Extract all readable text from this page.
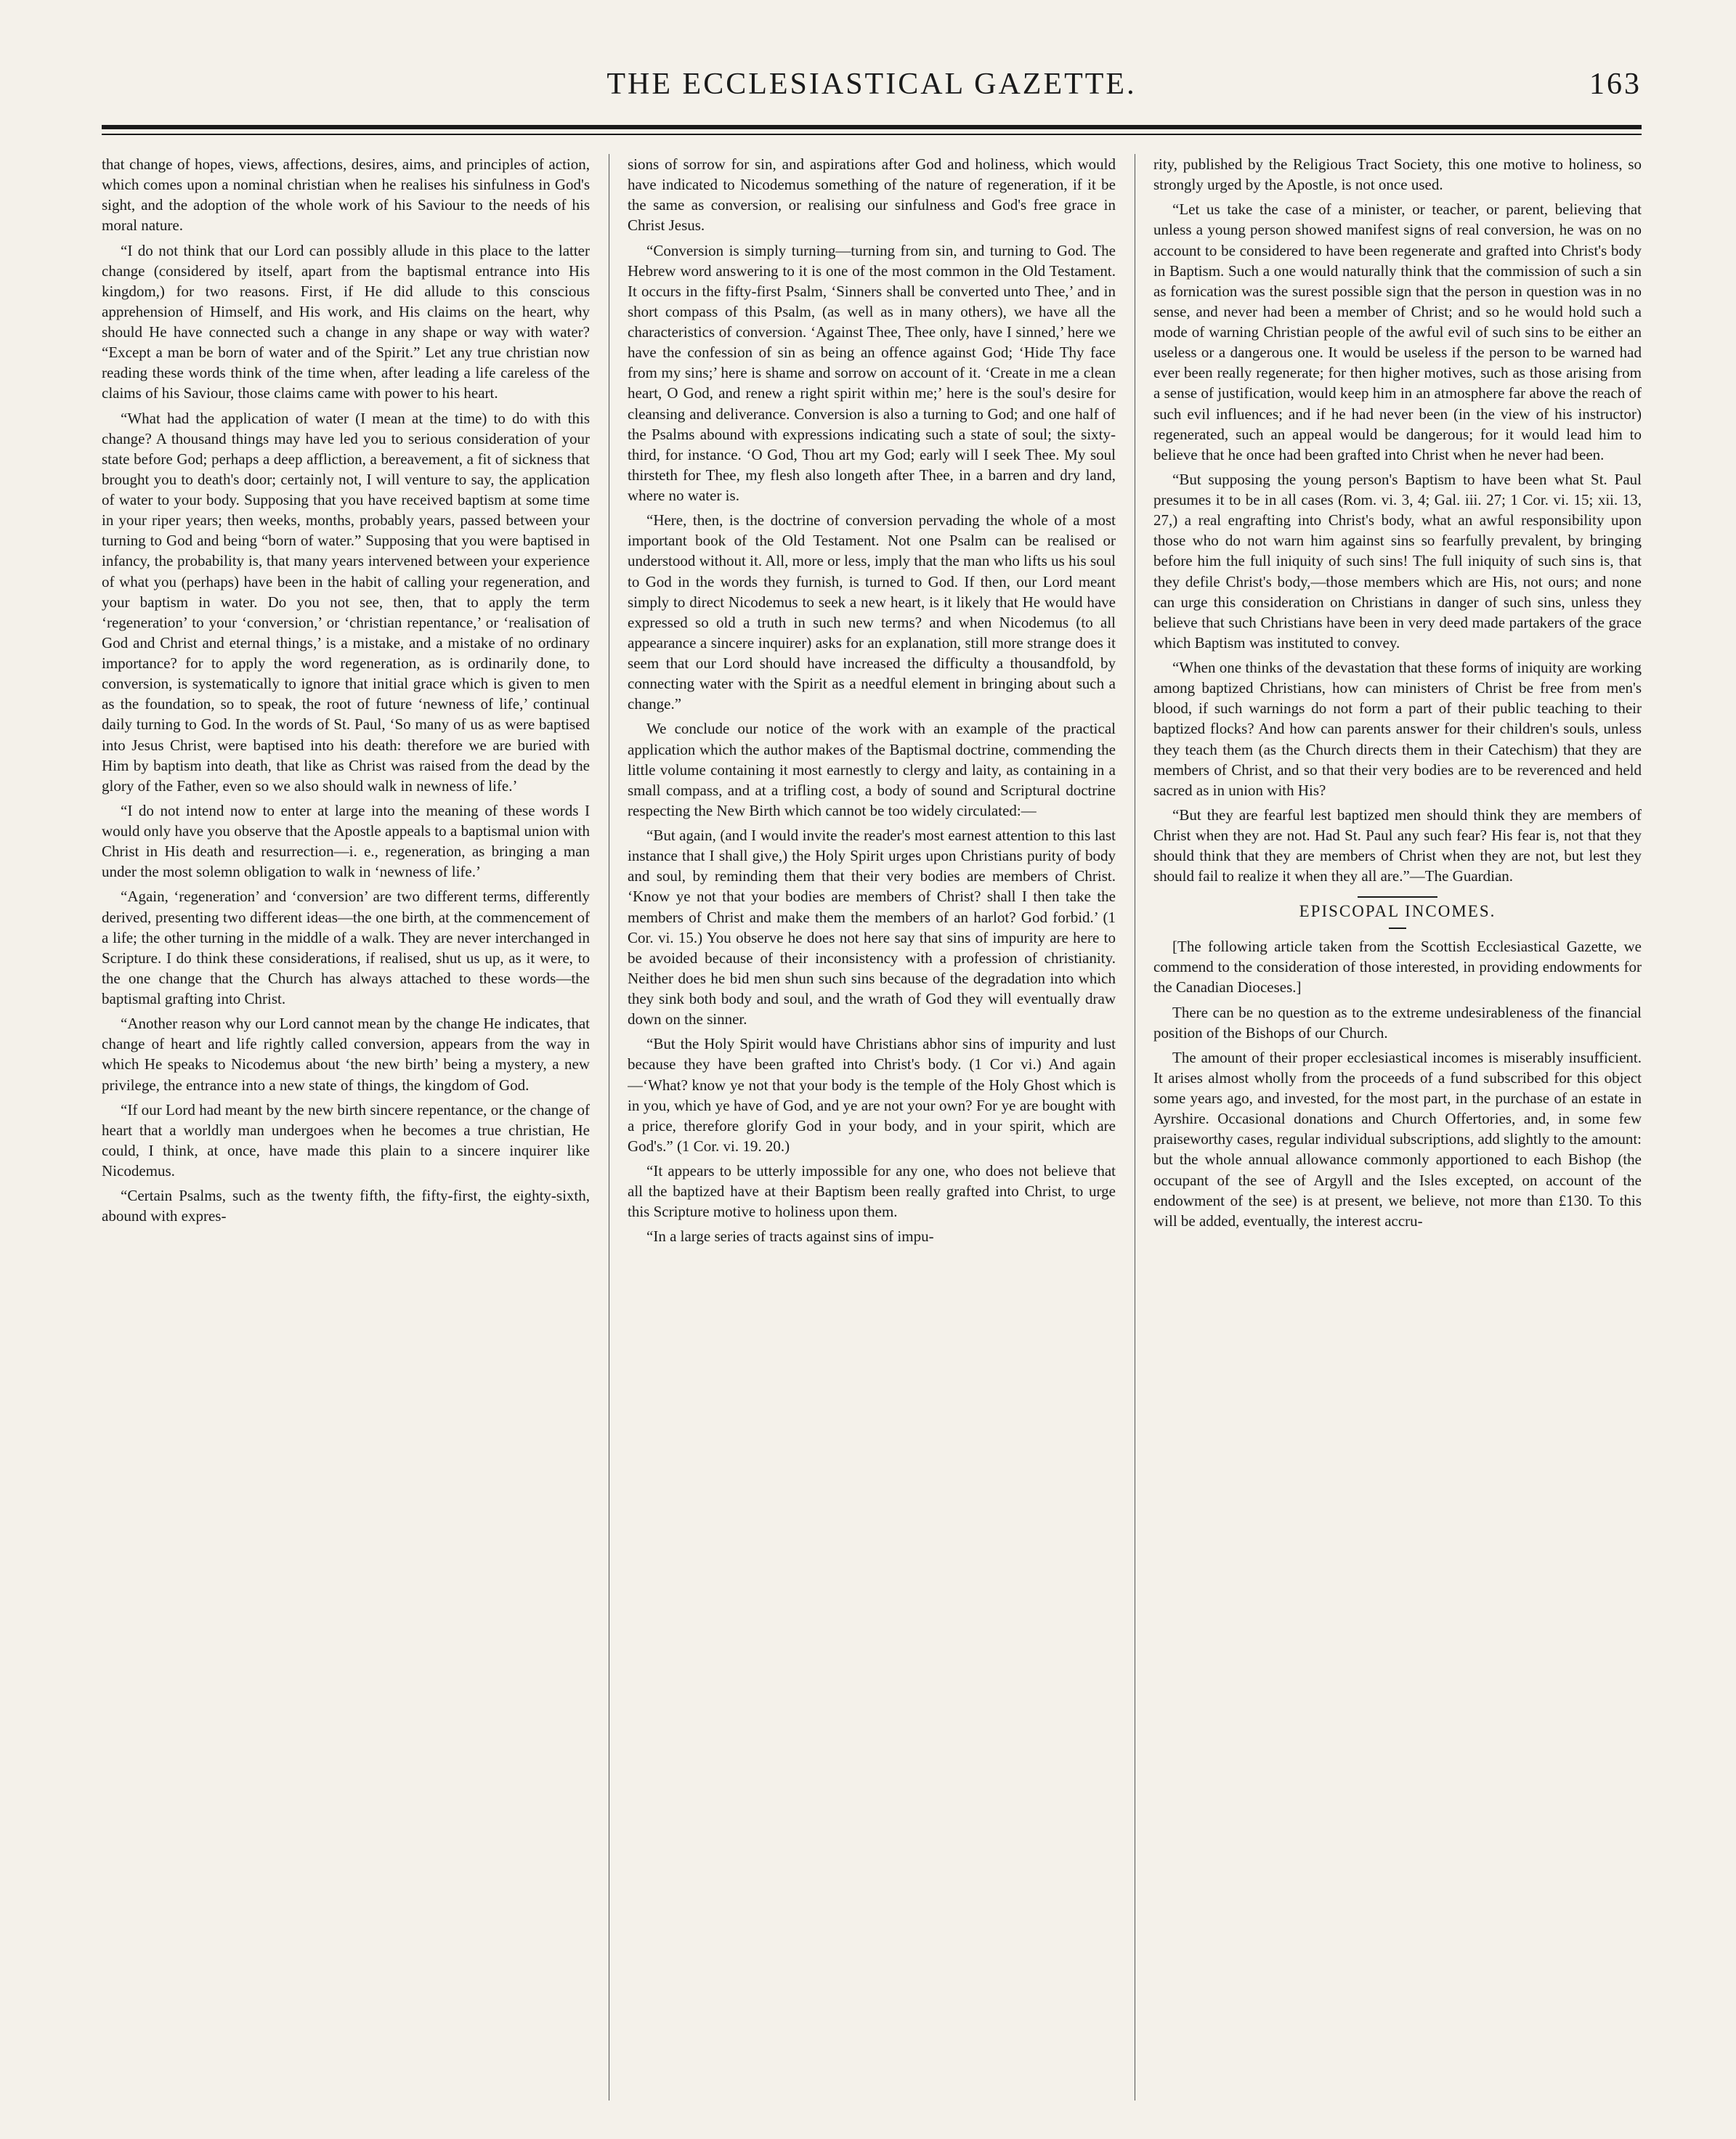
THE ECCLESIASTICAL GAZETTE.	163

that change of hopes, views, affections, desires, aims, and principles of action, which comes upon a nominal christian when he realises his sinfulness in God's sight, and the adoption of the whole work of his Saviour to the needs of his moral nature.

“I do not think that our Lord can possibly allude in this place to the latter change (considered by itself, apart from the baptismal entrance into His kingdom,) for two reasons. First, if He did allude to this conscious apprehension of Himself, and His work, and His claims on the heart, why should He have connected such a change in any shape or way with water? “Except a man be born of water and of the Spirit.” Let any true christian now reading these words think of the time when, after leading a life careless of the claims of his Saviour, those claims came with power to his heart.

“What had the application of water (I mean at the time) to do with this change? A thousand things may have led you to serious consideration of your state before God; perhaps a deep affliction, a bereavement, a fit of sickness that brought you to death's door; certainly not, I will venture to say, the application of water to your body. Supposing that you have received baptism at some time in your riper years; then weeks, months, probably years, passed between your turning to God and being “born of water.” Supposing that you were baptised in infancy, the probability is, that many years intervened between your experience of what you (perhaps) have been in the habit of calling your regeneration, and your baptism in water. Do you not see, then, that to apply the term ‘regeneration’ to your ‘conversion,’ or ‘christian repentance,’ or ‘realisation of God and Christ and eternal things,’ is a mistake, and a mistake of no ordinary importance? for to apply the word regeneration, as is ordinarily done, to conversion, is systematically to ignore that initial grace which is given to men as the foundation, so to speak, the root of future ‘newness of life,’ continual daily turning to God. In the words of St. Paul, ‘So many of us as were baptised into Jesus Christ, were baptised into his death: therefore we are buried with Him by baptism into death, that like as Christ was raised from the dead by the glory of the Father, even so we also should walk in newness of life.’

“I do not intend now to enter at large into the meaning of these words I would only have you observe that the Apostle appeals to a baptismal union with Christ in His death and resurrection—i. e., regeneration, as bringing a man under the most solemn obligation to walk in ‘newness of life.’

“Again, ‘regeneration’ and ‘conversion’ are two different terms, differently derived, presenting two different ideas—the one birth, at the commencement of a life; the other turning in the middle of a walk. They are never interchanged in Scripture. I do think these considerations, if realised, shut us up, as it were, to the one change that the Church has always attached to these words—the baptismal grafting into Christ.

“Another reason why our Lord cannot mean by the change He indicates, that change of heart and life rightly called conversion, appears from the way in which He speaks to Nicodemus about ‘the new birth’ being a mystery, a new privilege, the entrance into a new state of things, the kingdom of God.

“If our Lord had meant by the new birth sincere repentance, or the change of heart that a worldly man undergoes when he becomes a true christian, He could, I think, at once, have made this plain to a sincere inquirer like Nicodemus.

“Certain Psalms, such as the twenty fifth, the fifty-first, the eighty-sixth, abound with expres-

sions of sorrow for sin, and aspirations after God and holiness, which would have indicated to Nicodemus something of the nature of regeneration, if it be the same as conversion, or realising our sinfulness and God's free grace in Christ Jesus.

“Conversion is simply turning—turning from sin, and turning to God. The Hebrew word answering to it is one of the most common in the Old Testament. It occurs in the fifty-first Psalm, ‘Sinners shall be converted unto Thee,’ and in short compass of this Psalm, (as well as in many others), we have all the characteristics of conversion. ‘Against Thee, Thee only, have I sinned,’ here we have the confession of sin as being an offence against God; ‘Hide Thy face from my sins;’ here is shame and sorrow on account of it. ‘Create in me a clean heart, O God, and renew a right spirit within me;’ here is the soul's desire for cleansing and deliverance. Conversion is also a turning to God; and one half of the Psalms abound with expressions indicating such a state of soul; the sixty-third, for instance. ‘O God, Thou art my God; early will I seek Thee. My soul thirsteth for Thee, my flesh also longeth after Thee, in a barren and dry land, where no water is.

“Here, then, is the doctrine of conversion pervading the whole of a most important book of the Old Testament. Not one Psalm can be realised or understood without it. All, more or less, imply that the man who lifts us his soul to God in the words they furnish, is turned to God. If then, our Lord meant simply to direct Nicodemus to seek a new heart, is it likely that He would have expressed so old a truth in such new terms? and when Nicodemus (to all appearance a sincere inquirer) asks for an explanation, still more strange does it seem that our Lord should have increased the difficulty a thousandfold, by connecting water with the Spirit as a needful element in bringing about such a change.”

We conclude our notice of the work with an example of the practical application which the author makes of the Baptismal doctrine, commending the little volume containing it most earnestly to clergy and laity, as containing in a small compass, and at a trifling cost, a body of sound and Scriptural doctrine respecting the New Birth which cannot be too widely circulated:—

“But again, (and I would invite the reader's most earnest attention to this last instance that I shall give,) the Holy Spirit urges upon Christians purity of body and soul, by reminding them that their very bodies are members of Christ. ‘Know ye not that your bodies are members of Christ? shall I then take the members of Christ and make them the members of an harlot? God forbid.’ (1 Cor. vi. 15.) You observe he does not here say that sins of impurity are here to be avoided because of their inconsistency with a profession of christianity. Neither does he bid men shun such sins because of the degradation into which they sink both body and soul, and the wrath of God they will eventually draw down on the sinner.

“But the Holy Spirit would have Christians abhor sins of impurity and lust because they have been grafted into Christ's body. (1 Cor vi.) And again—‘What? know ye not that your body is the temple of the Holy Ghost which is in you, which ye have of God, and ye are not your own? For ye are bought with a price, therefore glorify God in your body, and in your spirit, which are God's.” (1 Cor. vi. 19. 20.)

“It appears to be utterly impossible for any one, who does not believe that all the baptized have at their Baptism been really grafted into Christ, to urge this Scripture motive to holiness upon them.

“In a large series of tracts against sins of impu-

rity, published by the Religious Tract Society, this one motive to holiness, so strongly urged by the Apostle, is not once used.

“Let us take the case of a minister, or teacher, or parent, believing that unless a young person showed manifest signs of real conversion, he was on no account to be considered to have been regenerate and grafted into Christ's body in Baptism. Such a one would naturally think that the commission of such a sin as fornication was the surest possible sign that the person in question was in no sense, and never had been a member of Christ; and so he would hold such a mode of warning Christian people of the awful evil of such sins to be either an useless or a dangerous one. It would be useless if the person to be warned had ever been really regenerate; for then higher motives, such as those arising from a sense of justification, would keep him in an atmosphere far above the reach of such evil influences; and if he had never been (in the view of his instructor) regenerated, such an appeal would be dangerous; for it would lead him to believe that he once had been grafted into Christ when he never had been.

“But supposing the young person's Baptism to have been what St. Paul presumes it to be in all cases (Rom. vi. 3, 4; Gal. iii. 27; 1 Cor. vi. 15; xii. 13, 27,) a real engrafting into Christ's body, what an awful responsibility upon those who do not warn him against sins so fearfully prevalent, by bringing before him the full iniquity of such sins! The full iniquity of such sins is, that they defile Christ's body,—those members which are His, not ours; and none can urge this consideration on Christians in danger of such sins, unless they believe that such Christians have been in very deed made partakers of the grace which Baptism was instituted to convey.

“When one thinks of the devastation that these forms of iniquity are working among baptized Christians, how can ministers of Christ be free from men's blood, if such warnings do not form a part of their public teaching to their baptized flocks? And how can parents answer for their children's souls, unless they teach them (as the Church directs them in their Catechism) that they are members of Christ, and so that their very bodies are to be reverenced and held sacred as in union with His?

“But they are fearful lest baptized men should think they are members of Christ when they are not. Had St. Paul any such fear? His fear is, not that they should think that they are members of Christ when they are not, but lest they should fail to realize it when they all are.”—The Guardian.

EPISCOPAL INCOMES.

[The following article taken from the Scottish Ecclesiastical Gazette, we commend to the consideration of those interested, in providing endowments for the Canadian Dioceses.]

There can be no question as to the extreme undesirableness of the financial position of the Bishops of our Church.

The amount of their proper ecclesiastical incomes is miserably insufficient. It arises almost wholly from the proceeds of a fund subscribed for this object some years ago, and invested, for the most part, in the purchase of an estate in Ayrshire. Occasional donations and Church Offertories, and, in some few praiseworthy cases, regular individual subscriptions, add slightly to the amount: but the whole annual allowance commonly apportioned to each Bishop (the occupant of the see of Argyll and the Isles excepted, on account of the endowment of the see) is at present, we believe, not more than £130. To this will be added, eventually, the interest accru-
